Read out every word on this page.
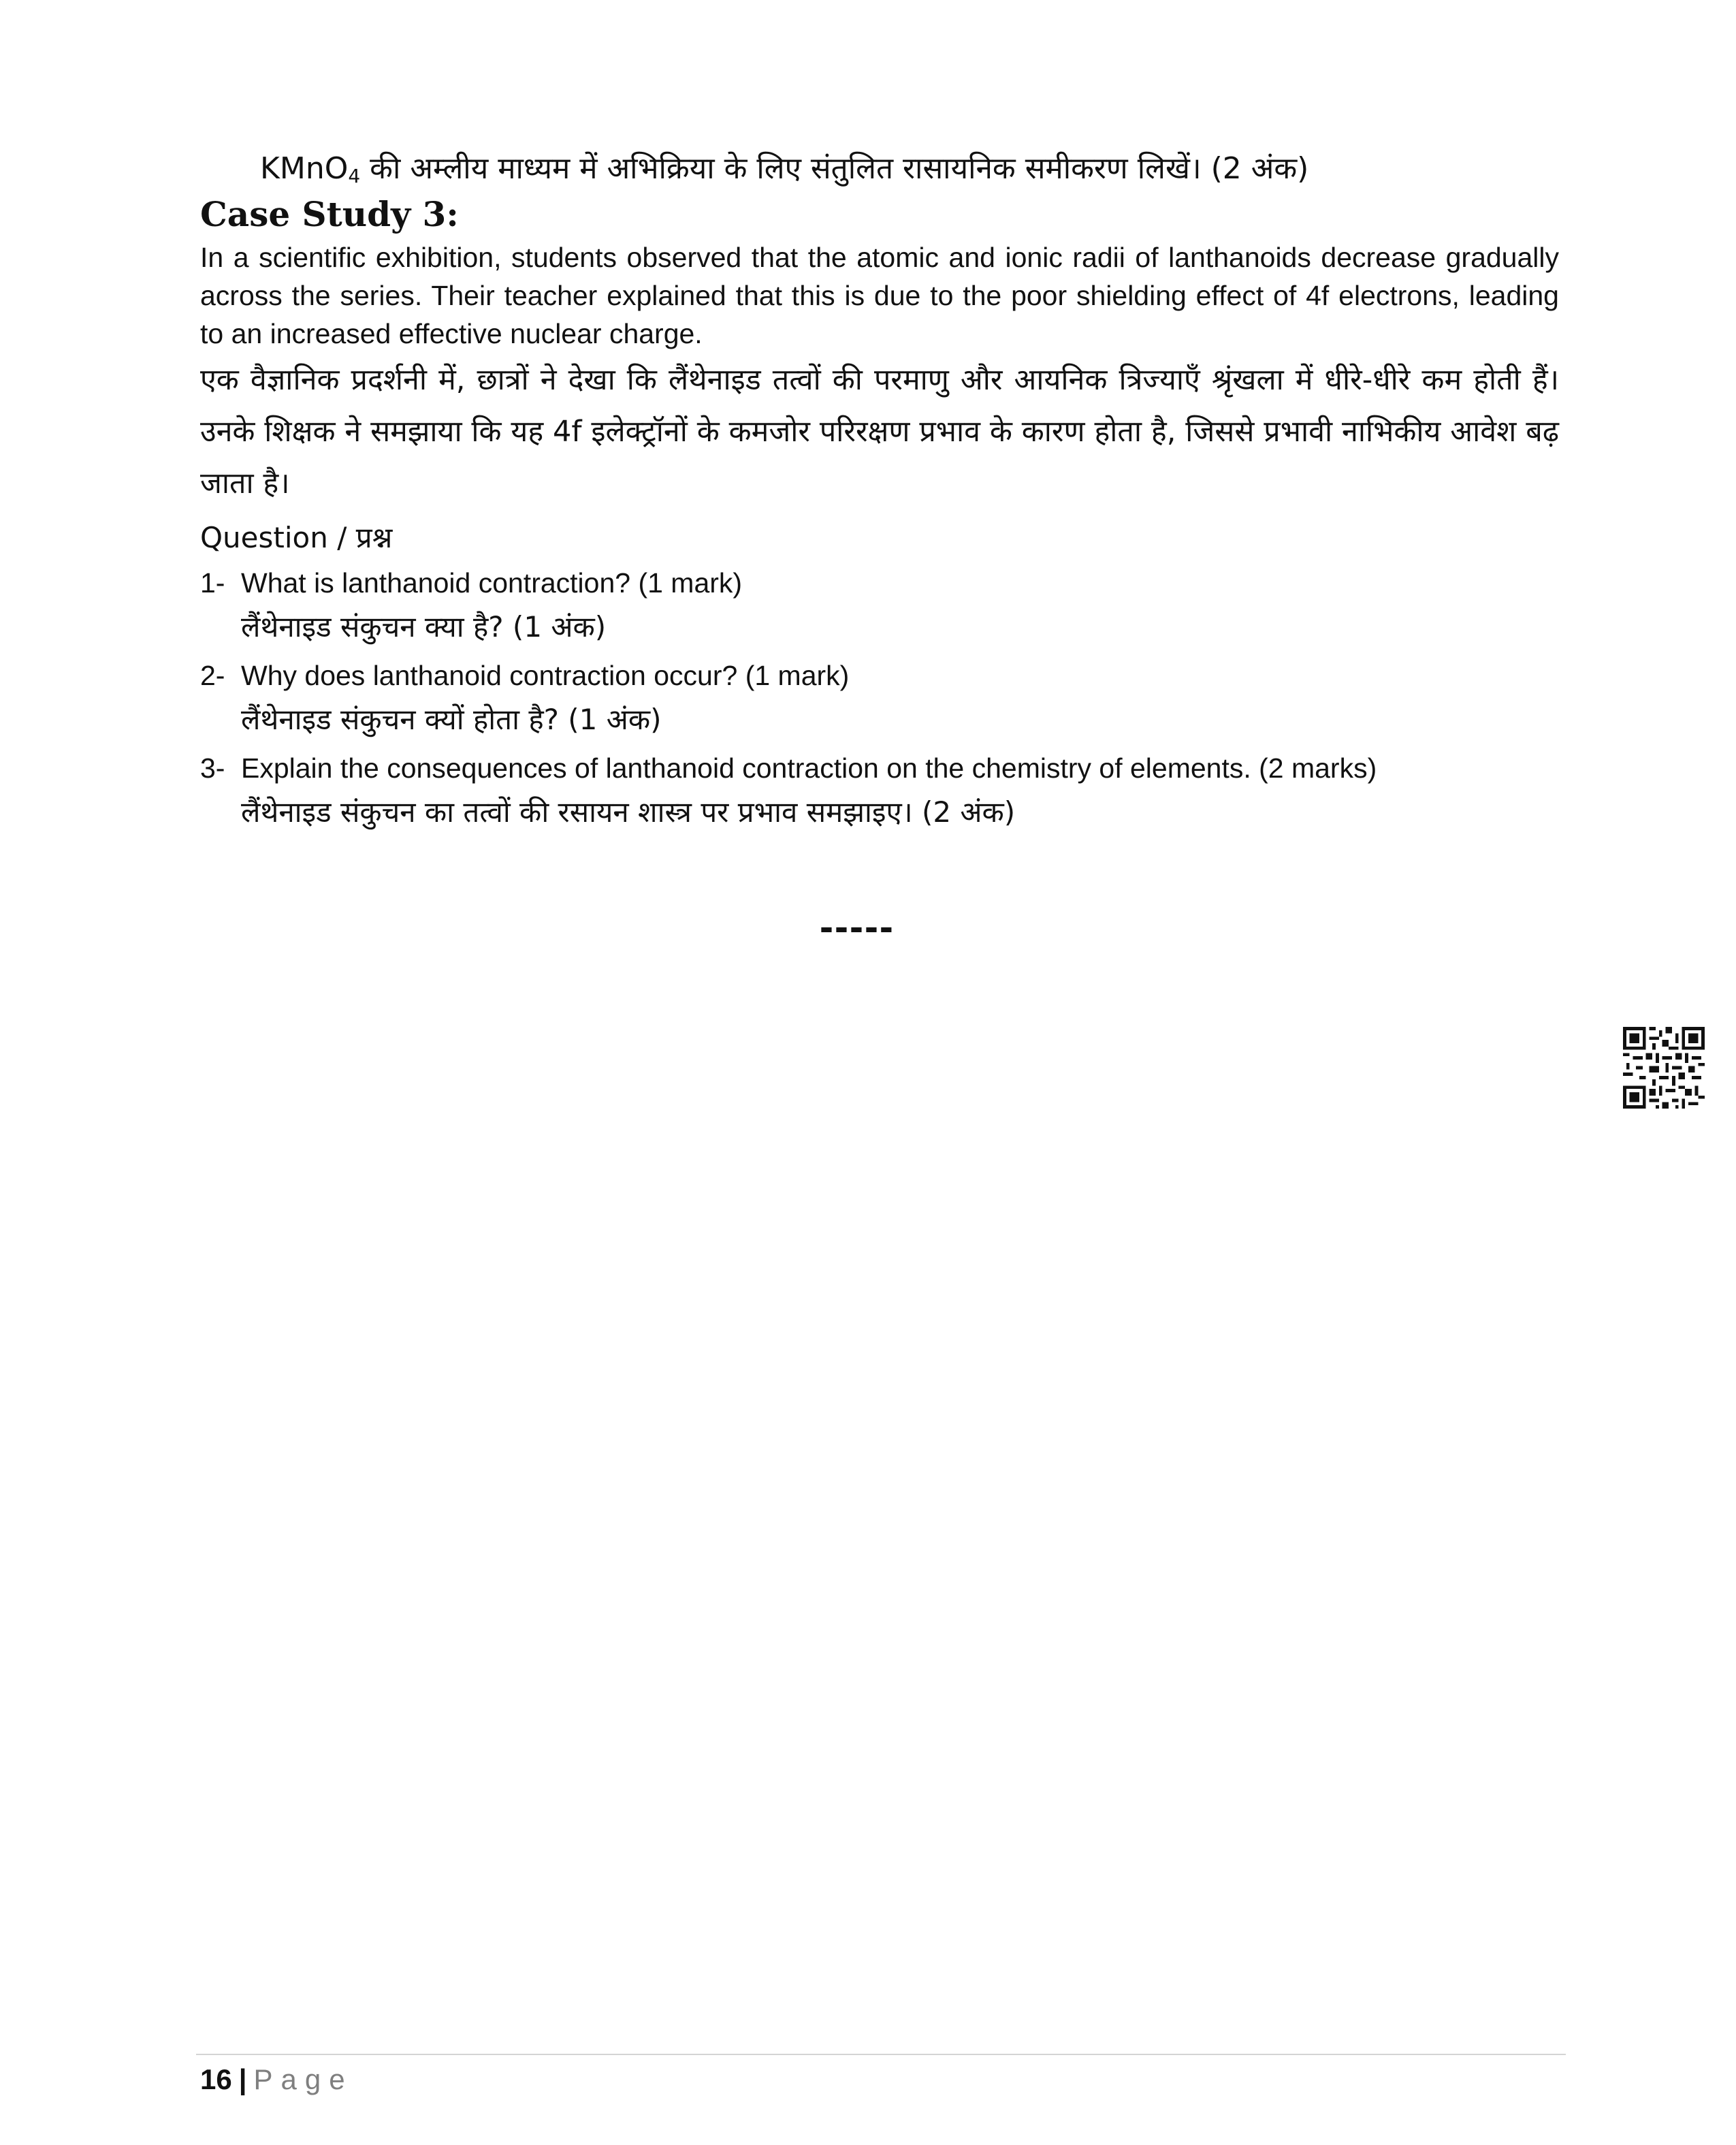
KMnO$_4$ की अम्लीय माध्यम में अभिक्रिया के लिए संतुलित रासायनिक समीकरण लिखें। (2 अंक)

Case Study 3:

In a scientific exhibition, students observed that the atomic and ionic radii of lanthanoids decrease gradually across the series. Their teacher explained that this is due to the poor shielding effect of 4f electrons, leading to an increased effective nuclear charge.

एक वैज्ञानिक प्रदर्शनी में, छात्रों ने देखा कि लैंथेनाइड तत्वों की परमाणु और आयनिक त्रिज्याएँ श्रृंखला में धीरे-धीरे कम होती हैं। उनके शिक्षक ने समझाया कि यह 4f इलेक्ट्रॉनों के कमजोर परिरक्षण प्रभाव के कारण होता है, जिससे प्रभावी नाभिकीय आवेश बढ़ जाता है।

Question / प्रश्न
1- What is lanthanoid contraction? (1 mark)
लैंथेनाइड संकुचन क्या है? (1 अंक)
2- Why does lanthanoid contraction occur? (1 mark)
लैंथेनाइड संकुचन क्यों होता है? (1 अंक)
3- Explain the consequences of lanthanoid contraction on the chemistry of elements. (2 marks)
लैंथेनाइड संकुचन का तत्वों की रसायन शास्त्र पर प्रभाव समझाइए। (2 अंक)
-----
16 | Page
